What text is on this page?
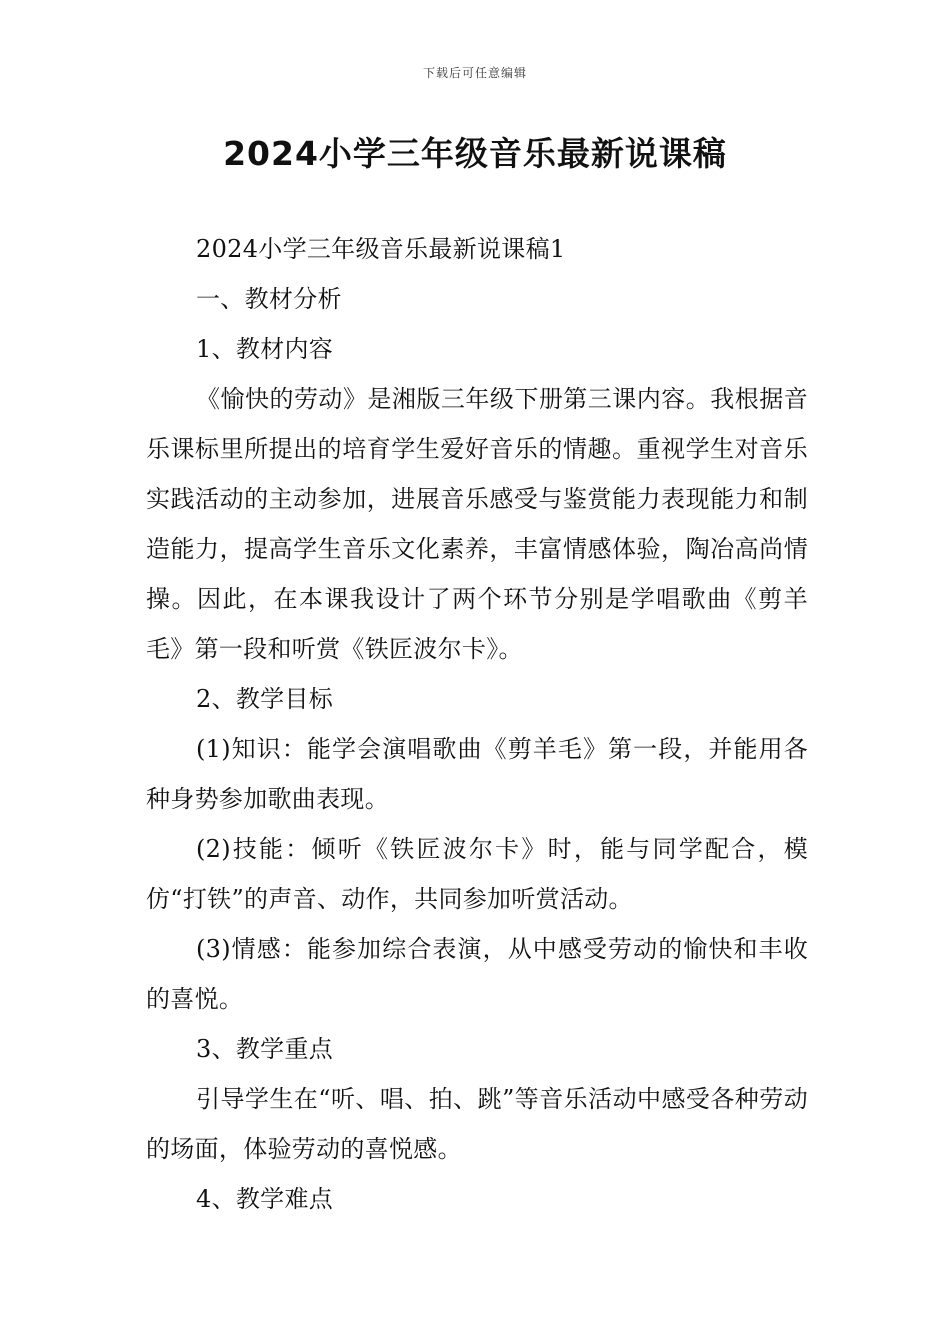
下载后可任意编辑
2024小学三年级音乐最新说课稿

2024小学三年级音乐最新说课稿1

一、教材分析

1、教材内容

《愉快的劳动》是湘版三年级下册第三课内容。我根据音乐课标里所提出的培育学生爱好音乐的情趣。重视学生对音乐实践活动的主动参加，进展音乐感受与鉴赏能力表现能力和制造能力，提高学生音乐文化素养，丰富情感体验，陶冶高尚情操。因此，在本课我设计了两个环节分别是学唱歌曲《剪羊毛》第一段和听赏《铁匠波尔卡》。

2、教学目标

(1)知识：能学会演唱歌曲《剪羊毛》第一段，并能用各种身势参加歌曲表现。

(2)技能：倾听《铁匠波尔卡》时，能与同学配合，模仿“打铁”的声音、动作，共同参加听赏活动。

(3)情感：能参加综合表演，从中感受劳动的愉快和丰收的喜悦。

3、教学重点

引导学生在“听、唱、拍、跳”等音乐活动中感受各种劳动的场面，体验劳动的喜悦感。

4、教学难点
